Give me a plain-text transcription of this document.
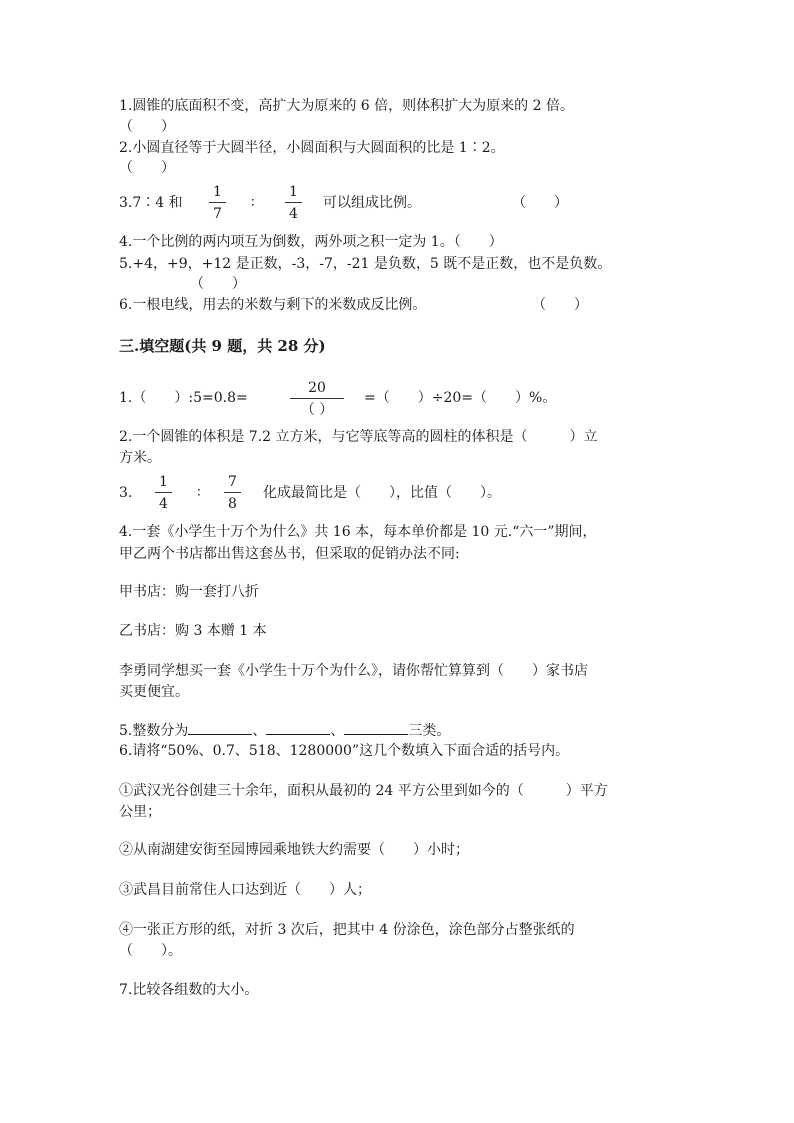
1.圆锥的底面积不变，高扩大为原来的 6 倍，则体积扩大为原来的 2 倍。
（　　）
2.小圆直径等于大圆半径，小圆面积与大圆面积的比是 1∶2。
（　　）
3.7∶4 和
1
7
∶
1
4
可以组成比例。	（　　）
4.一个比例的两内项互为倒数，两外项之积一定为 1。（　　）
5.+4，+9，+12 是正数，-3，-7，-21 是负数，5 既不是正数，也不是负数。
（　　）
6.一根电线，用去的米数与剩下的米数成反比例。	（　　）
三.填空题(共 9 题，共 28 分)
1.（　　）:5=0.8=
20
（ ）
=（　　）÷20=（　　）%。
2.一个圆锥的体积是 7.2 立方米，与它等底等高的圆柱的体积是（　　　）立
方米。
3.
1
4
∶
7
8
化成最简比是（　　），比值（　　）。
4.一套《小学生十万个为什么》共 16 本，每本单价都是 10 元.“六一”期间，
甲乙两个书店都出售这套丛书，但采取的促销办法不同:
甲书店：购一套打八折
乙书店：购 3 本赠 1 本
李勇同学想买一套《小学生十万个为什么》，请你帮忙算算到（　　）家书店
买更便宜。
5.整数分为	、	、	三类。
6.请将“50%、0.7、518、1280000”这几个数填入下面合适的括号内。
①武汉光谷创建三十余年，面积从最初的 24 平方公里到如今的（　　　）平方
公里；
②从南湖建安街至园博园乘地铁大约需要（　　）小时；
③武昌目前常住人口达到近（　　）人；
④一张正方形的纸，对折 3 次后，把其中 4 份涂色，涂色部分占整张纸的
（　　）。
7.比较各组数的大小。
